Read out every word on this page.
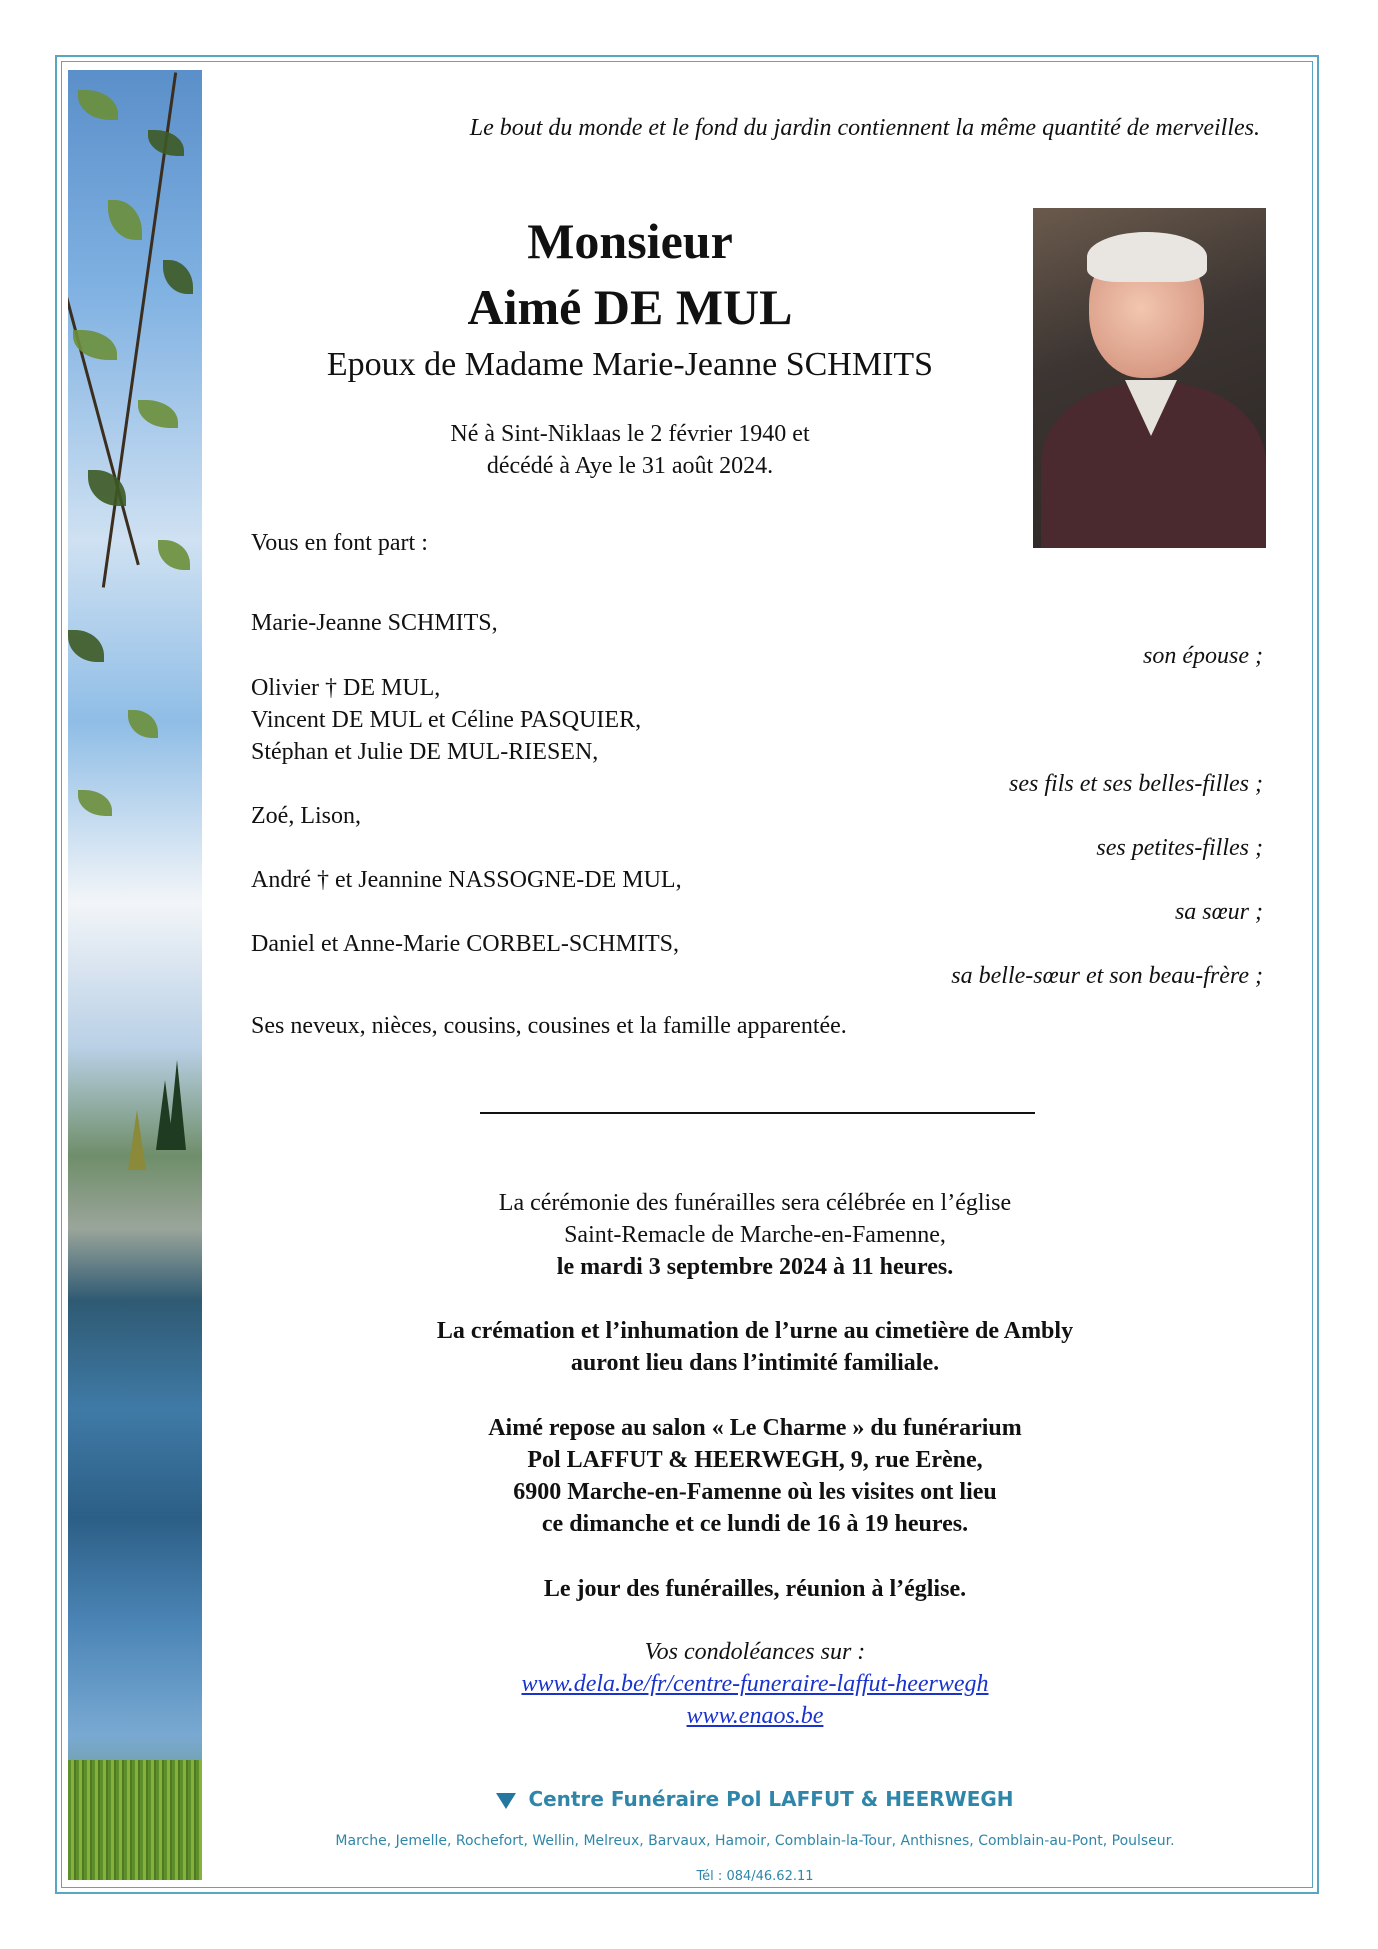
Le bout du monde et le fond du jardin contiennent la même quantité de merveilles.
Monsieur
Aimé DE MUL
Epoux de Madame Marie-Jeanne SCHMITS
Né à Sint-Niklaas le 2 février 1940 et
décédé à Aye le 31 août 2024.
Vous en font part :
Marie-Jeanne SCHMITS,
son épouse ;
Olivier † DE MUL,
Vincent DE MUL et Céline PASQUIER,
Stéphan et Julie DE MUL-RIESEN,
ses fils et ses belles-filles ;
Zoé, Lison,
ses petites-filles ;
André † et Jeannine NASSOGNE-DE MUL,
sa sœur ;
Daniel et Anne-Marie CORBEL-SCHMITS,
sa belle-sœur et son beau-frère ;
Ses neveux, nièces, cousins, cousines et la famille apparentée.
La cérémonie des funérailles sera célébrée en l’église
Saint-Remacle de Marche-en-Famenne,
le mardi 3 septembre 2024 à 11 heures.
La crémation et l’inhumation de l’urne au cimetière de Ambly
auront lieu dans l’intimité familiale.
Aimé repose au salon « Le Charme » du funérarium
Pol LAFFUT & HEERWEGH, 9, rue Erène,
6900 Marche-en-Famenne où les visites ont lieu
ce dimanche et ce lundi de 16 à 19 heures.
Le jour des funérailles, réunion à l’église.
Vos condoléances sur :
www.dela.be/fr/centre-funeraire-laffut-heerwegh
www.enaos.be
Centre Funéraire Pol LAFFUT & HEERWEGH
Marche, Jemelle, Rochefort, Wellin, Melreux, Barvaux, Hamoir, Comblain-la-Tour, Anthisnes, Comblain-au-Pont, Poulseur.
Tél : 084/46.62.11
